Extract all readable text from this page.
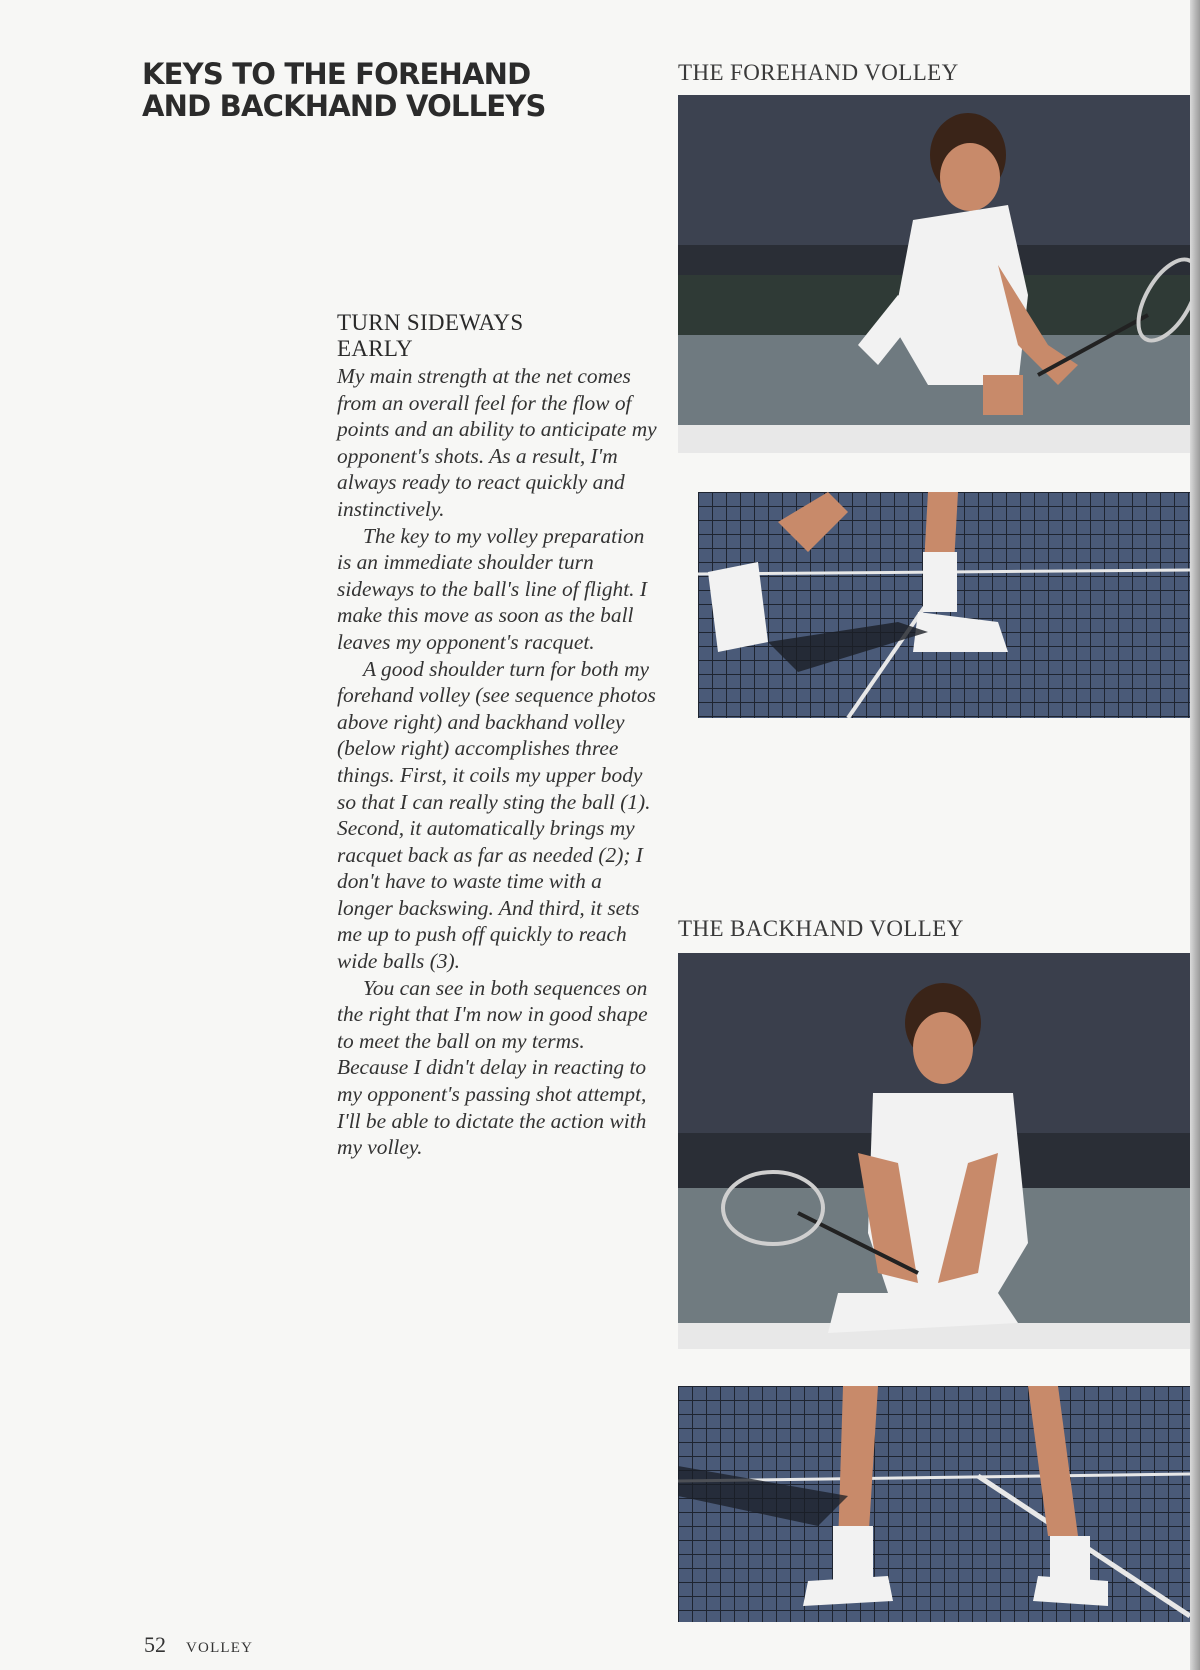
KEYS TO THE FOREHAND
AND BACKHAND VOLLEYS
TURN SIDEWAYS
EARLY

My main strength at the net comes from an overall feel for the flow of points and an ability to anticipate my opponent's shots. As a result, I'm always ready to react quickly and instinctively.

The key to my volley preparation is an immediate shoulder turn sideways to the ball's line of flight. I make this move as soon as the ball leaves my opponent's racquet.

A good shoulder turn for both my forehand volley (see sequence photos above right) and backhand volley (below right) accomplishes three things. First, it coils my upper body so that I can really sting the ball (1). Second, it automatically brings my racquet back as far as needed (2); I don't have to waste time with a longer backswing. And third, it sets me up to push off quickly to reach wide balls (3).

You can see in both sequences on the right that I'm now in good shape to meet the ball on my terms. Because I didn't delay in reacting to my opponent's passing shot attempt, I'll be able to dictate the action with my volley.

THE FOREHAND VOLLEY

THE BACKHAND VOLLEY

52 VOLLEY
